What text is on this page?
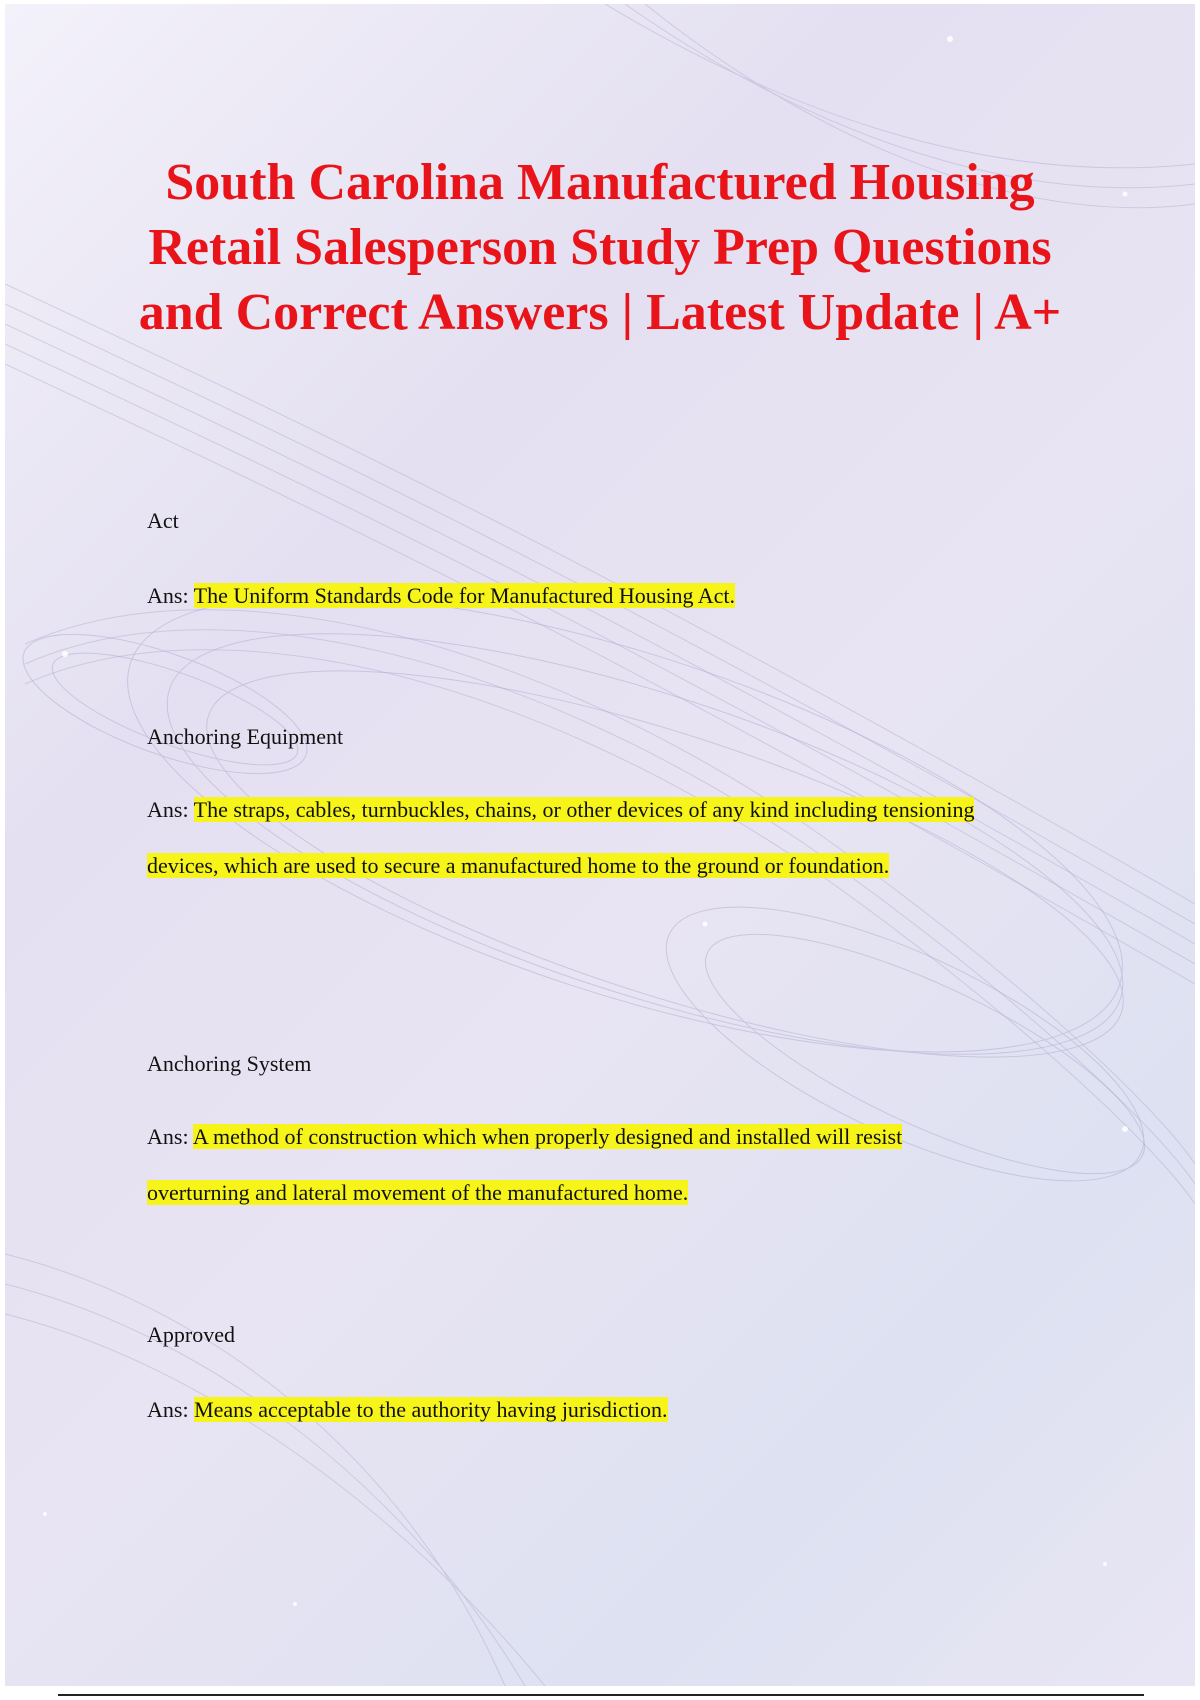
South Carolina Manufactured Housing Retail Salesperson Study Prep Questions and Correct Answers | Latest Update | A+

Act

Ans: The Uniform Standards Code for Manufactured Housing Act.

Anchoring Equipment

Ans: The straps, cables, turnbuckles, chains, or other devices of any kind including tensioning devices, which are used to secure a manufactured home to the ground or foundation.

Anchoring System

Ans: A method of construction which when properly designed and installed will resist overturning and lateral movement of the manufactured home.

Approved

Ans: Means acceptable to the authority having jurisdiction.
